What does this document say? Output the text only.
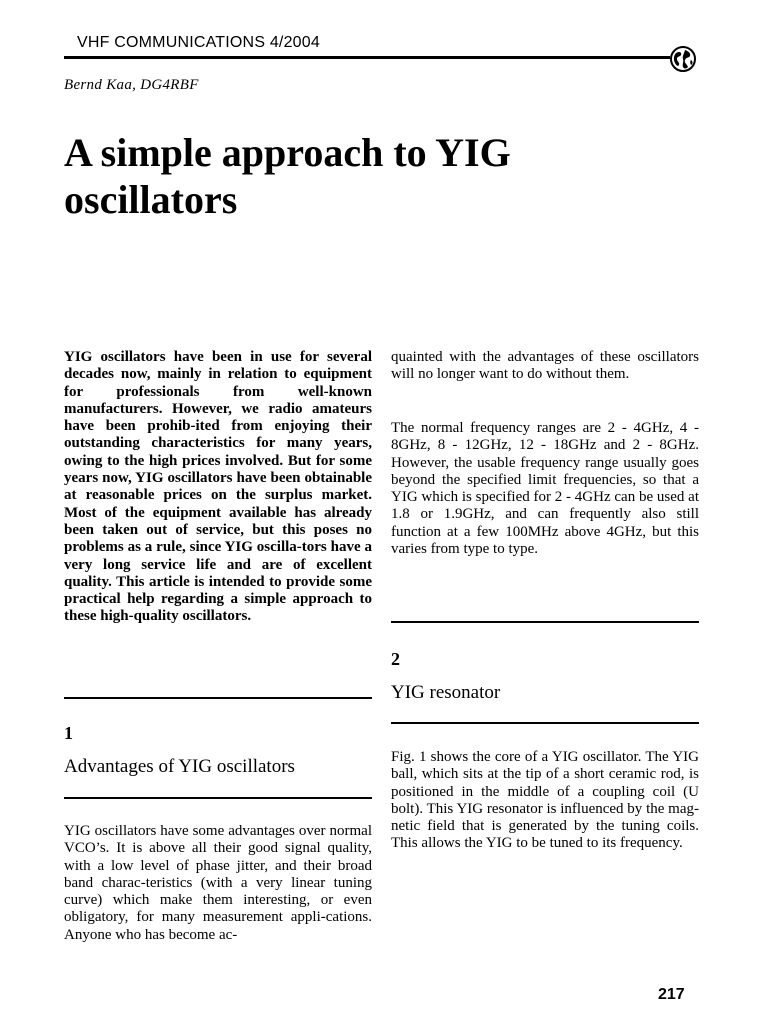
VHF COMMUNICATIONS 4/2004
Bernd Kaa, DG4RBF
A simple approach to YIG oscillators

YIG oscillators have been in use for several decades now, mainly in relation to equipment for professionals from well-known manufacturers. However, we radio amateurs have been prohib-ited from enjoying their outstanding characteristics for many years, owing to the high prices involved. But for some years now, YIG oscillators have been obtainable at reasonable prices on the surplus market. Most of the equipment available has already been taken out of service, but this poses no problems as a rule, since YIG oscilla-tors have a very long service life and are of excellent quality. This article is intended to provide some practical help regarding a simple approach to these high-quality oscillators.

1
Advantages of YIG oscillators

YIG oscillators have some advantages over normal VCO’s. It is above all their good signal quality, with a low level of phase jitter, and their broad band charac-teristics (with a very linear tuning curve) which make them interesting, or even obligatory, for many measurement appli-cations. Anyone who has become ac-

quainted with the advantages of these oscillators will no longer want to do without them.

The normal frequency ranges are 2 - 4GHz, 4 - 8GHz, 8 - 12GHz, 12 - 18GHz and 2 - 8GHz. However, the usable frequency range usually goes beyond the specified limit frequencies, so that a YIG which is specified for 2 - 4GHz can be used at 1.8 or 1.9GHz, and can frequently also still function at a few 100MHz above 4GHz, but this varies from type to type.

2
YIG resonator

Fig. 1 shows the core of a YIG oscillator. The YIG ball, which sits at the tip of a short ceramic rod, is positioned in the middle of a coupling coil (U bolt). This YIG resonator is influenced by the mag-netic field that is generated by the tuning coils. This allows the YIG to be tuned to its frequency.

217
